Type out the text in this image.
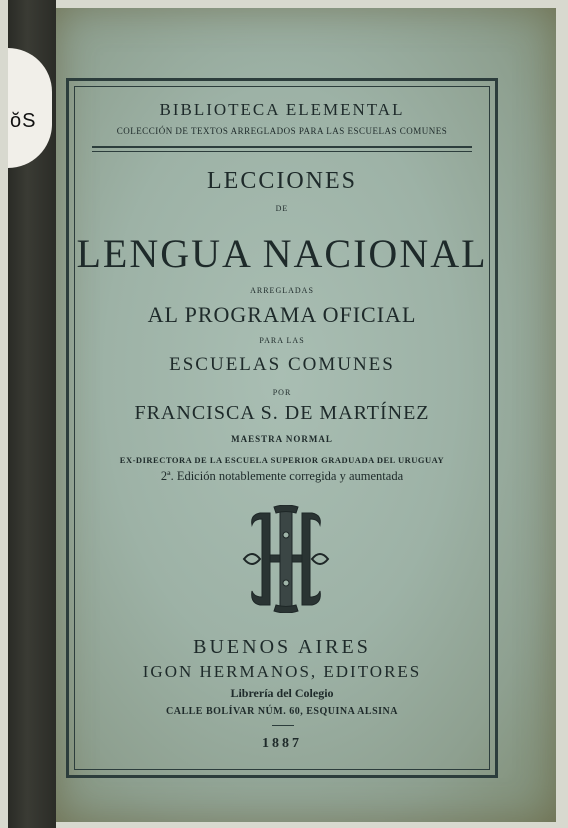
ŏS
BIBLIOTECA ELEMENTAL
COLECCIÓN DE TEXTOS ARREGLADOS PARA LAS ESCUELAS COMUNES
LECCIONES
DE
LENGUA NACIONAL
ARREGLADAS
AL PROGRAMA OFICIAL
PARA LAS
ESCUELAS COMUNES
POR
FRANCISCA S. DE MARTÍNEZ
MAESTRA NORMAL
EX-DIRECTORA DE LA ESCUELA SUPERIOR GRADUADA DEL URUGUAY
2ª. Edición notablemente corregida y aumentada
BUENOS AIRES
IGON HERMANOS, EDITORES
Librería del Colegio
CALLE BOLÍVAR NÚM. 60, ESQUINA ALSINA
1887
